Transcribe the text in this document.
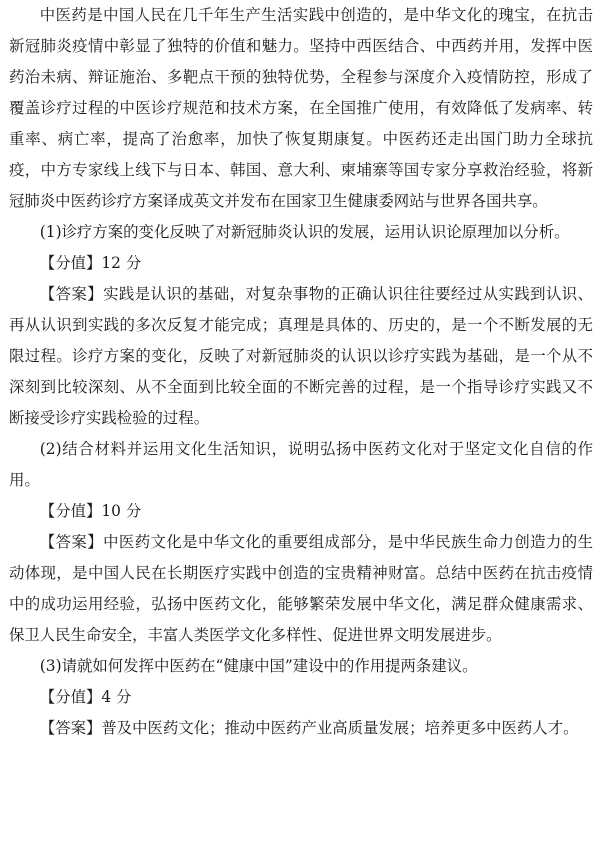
中医药是中国人民在几千年生产生活实践中创造的，是中华文化的瑰宝，在抗击新冠肺炎疫情中彰显了独特的价值和魅力。坚持中西医结合、中西药并用，发挥中医药治未病、辩证施治、多靶点干预的独特优势，全程参与深度介入疫情防控，形成了覆盖诊疗过程的中医诊疗规范和技术方案，在全国推广使用，有效降低了发病率、转重率、病亡率，提高了治愈率，加快了恢复期康复。中医药还走出国门助力全球抗疫，中方专家线上线下与日本、韩国、意大利、柬埔寨等国专家分享救治经验，将新冠肺炎中医药诊疗方案译成英文并发布在国家卫生健康委网站与世界各国共享。

(1)诊疗方案的变化反映了对新冠肺炎认识的发展，运用认识论原理加以分析。

【分值】12 分

【答案】实践是认识的基础，对复杂事物的正确认识往往要经过从实践到认识、再从认识到实践的多次反复才能完成；真理是具体的、历史的，是一个不断发展的无限过程。诊疗方案的变化，反映了对新冠肺炎的认识以诊疗实践为基础，是一个从不深刻到比较深刻、从不全面到比较全面的不断完善的过程，是一个指导诊疗实践又不断接受诊疗实践检验的过程。

(2)结合材料并运用文化生活知识，说明弘扬中医药文化对于坚定文化自信的作用。

【分值】10 分

【答案】中医药文化是中华文化的重要组成部分，是中华民族生命力创造力的生动体现，是中国人民在长期医疗实践中创造的宝贵精神财富。总结中医药在抗击疫情中的成功运用经验，弘扬中医药文化，能够繁荣发展中华文化，满足群众健康需求、保卫人民生命安全，丰富人类医学文化多样性、促进世界文明发展进步。

(3)请就如何发挥中医药在“健康中国”建设中的作用提两条建议。

【分值】4 分

【答案】普及中医药文化；推动中医药产业高质量发展；培养更多中医药人才。
